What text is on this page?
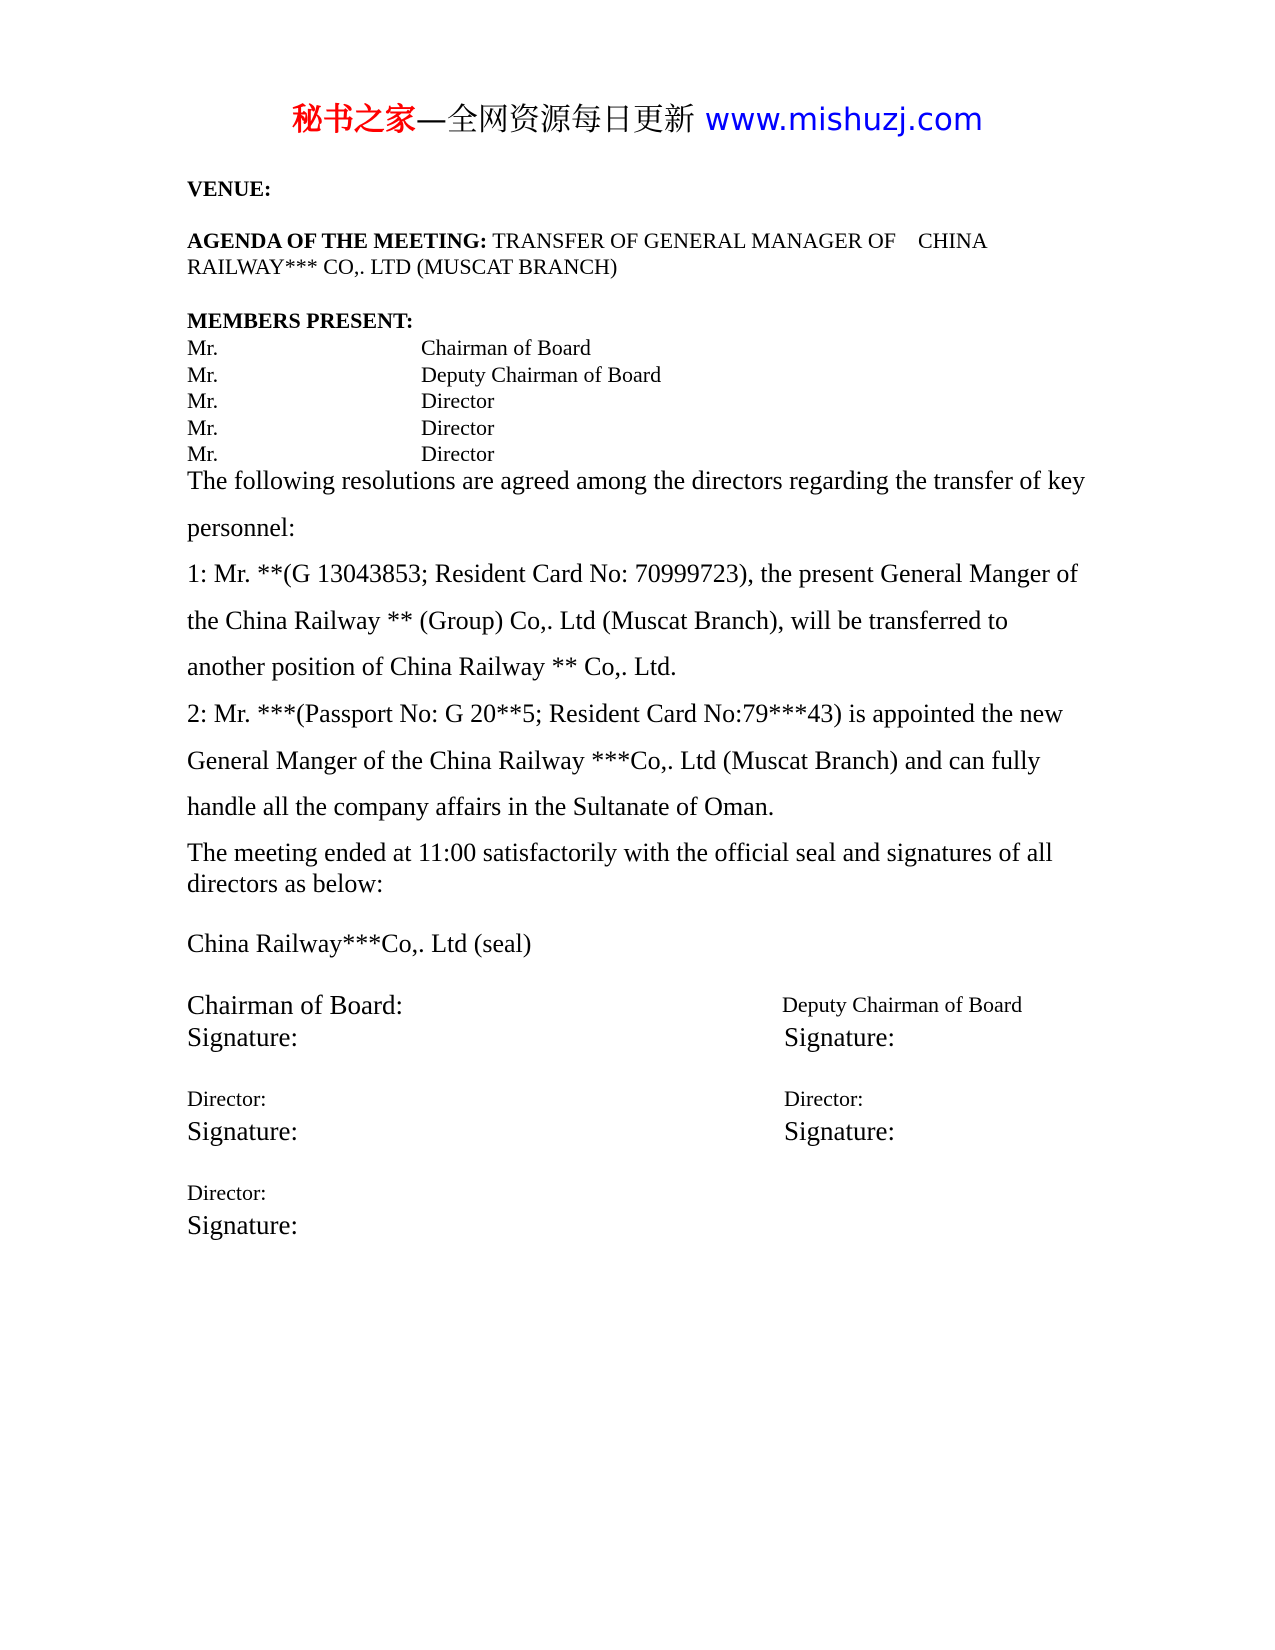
秘书之家—全网资源每日更新 www.mishuzj.com
VENUE:
AGENDA OF THE MEETING: TRANSFER OF GENERAL MANAGER OF    CHINA RAILWAY*** CO,. LTD (MUSCAT BRANCH)
MEMBERS PRESENT:
Mr.	Chairman of Board
Mr.	Deputy Chairman of Board
Mr.	Director
Mr.	Director
Mr.	Director
The following resolutions are agreed among the directors regarding the transfer of key personnel:
1: Mr. **(G 13043853; Resident Card No: 70999723), the present General Manger of the China Railway ** (Group) Co,. Ltd (Muscat Branch), will be transferred to another position of China Railway ** Co,. Ltd.
2: Mr. ***(Passport No: G 20**5; Resident Card No:79***43) is appointed the new General Manger of the China Railway ***Co,. Ltd (Muscat Branch) and can fully handle all the company affairs in the Sultanate of Oman.
The meeting ended at 11:00 satisfactorily with the official seal and signatures of all directors as below:
China Railway***Co,. Ltd (seal)
Chairman of Board:
Signature:
Deputy Chairman of Board
Signature:
Director:
Signature:
Director:
Signature:
Director:
Signature:
